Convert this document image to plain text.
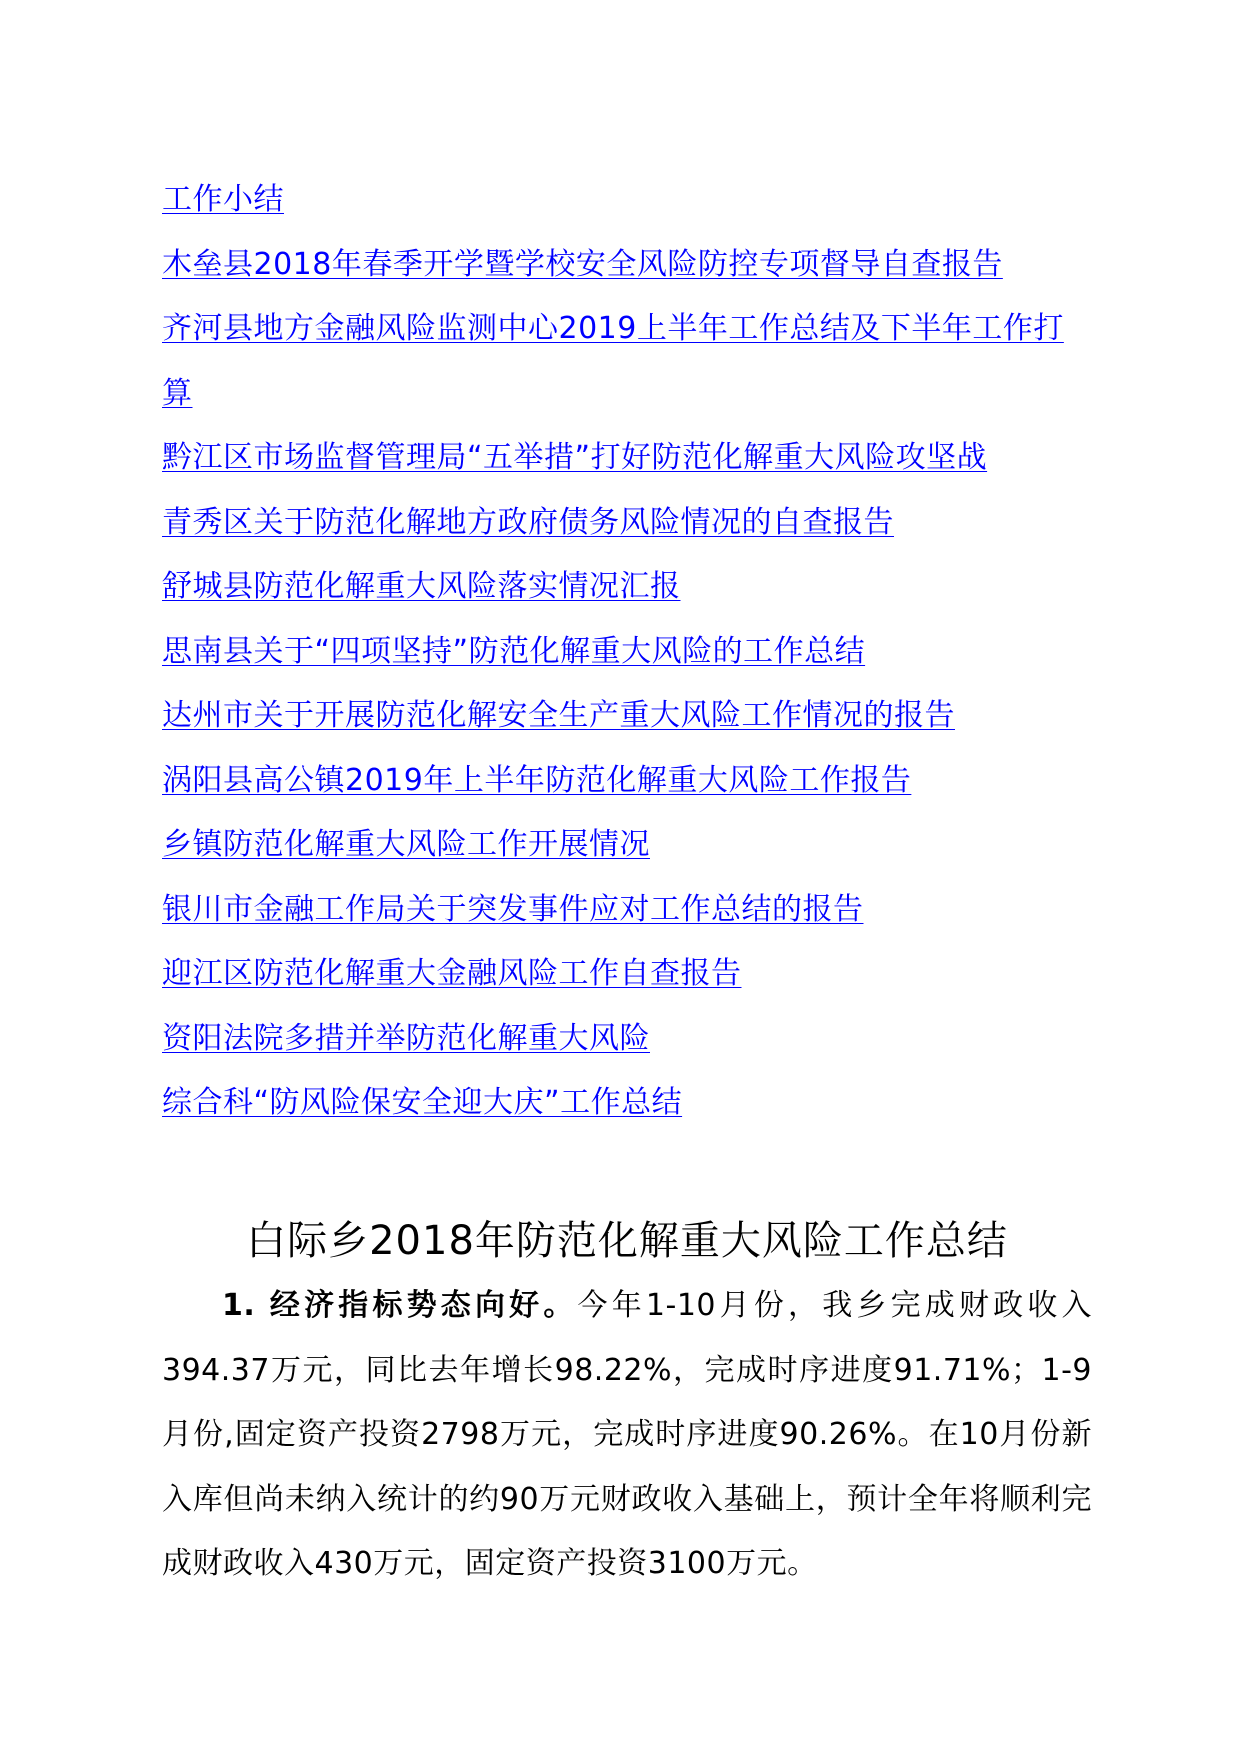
工作小结
木垒县2018年春季开学暨学校安全风险防控专项督导自查报告
齐河县地方金融风险监测中心2019上半年工作总结及下半年工作打算
黔江区市场监督管理局“五举措”打好防范化解重大风险攻坚战
青秀区关于防范化解地方政府债务风险情况的自查报告
舒城县防范化解重大风险落实情况汇报
思南县关于“四项坚持”防范化解重大风险的工作总结
达州市关于开展防范化解安全生产重大风险工作情况的报告
涡阳县高公镇2019年上半年防范化解重大风险工作报告
乡镇防范化解重大风险工作开展情况
银川市金融工作局关于突发事件应对工作总结的报告
迎江区防范化解重大金融风险工作自查报告
资阳法院多措并举防范化解重大风险
综合科“防风险保安全迎大庆”工作总结
白际乡2018年防范化解重大风险工作总结

1. 经济指标势态向好。今年1-10月份，我乡完成财政收入394.37万元，同比去年增长98.22%，完成时序进度91.71%；1-9月份,固定资产投资2798万元，完成时序进度90.26%。在10月份新入库但尚未纳入统计的约90万元财政收入基础上，预计全年将顺利完成财政收入430万元，固定资产投资3100万元。
